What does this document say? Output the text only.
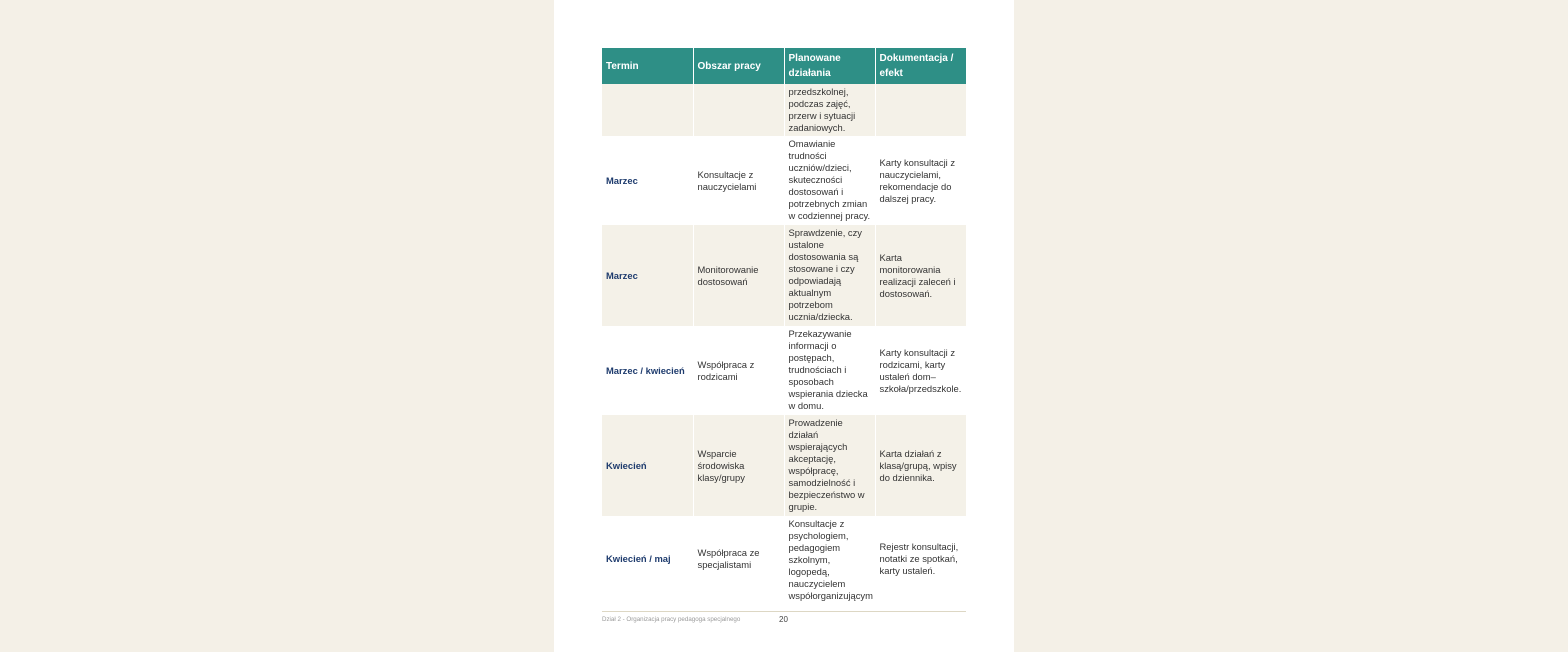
Termin	Obszar pracy	Planowane działania	Dokumentacja / efekt
		przedszkolnej, podczas zajęć, przerw i sytuacji zadaniowych.	
Marzec	Konsultacje z nauczycielami	Omawianie trudności uczniów/dzieci, skuteczności dostosowań i potrzebnych zmian w codziennej pracy.	Karty konsultacji z nauczycielami, rekomendacje do dalszej pracy.
Marzec	Monitorowanie dostosowań	Sprawdzenie, czy ustalone dostosowania są stosowane i czy odpowiadają aktualnym potrzebom ucznia/dziecka.	Karta monitorowania realizacji zaleceń i dostosowań.
Marzec / kwiecień	Współpraca z rodzicami	Przekazywanie informacji o postępach, trudnościach i sposobach wspierania dziecka w domu.	Karty konsultacji z rodzicami, karty ustaleń dom–szkoła/przedszkole.
Kwiecień	Wsparcie środowiska klasy/grupy	Prowadzenie działań wspierających akceptację, współpracę, samodzielność i bezpieczeństwo w grupie.	Karta działań z klasą/grupą, wpisy do dziennika.
Kwiecień / maj	Współpraca ze specjalistami	Konsultacje z psychologiem, pedagogiem szkolnym, logopedą, nauczycielem współorganizującym	Rejestr konsultacji, notatki ze spotkań, karty ustaleń.
Dział 2 - Organizacja pracy pedagoga specjalnego	20
